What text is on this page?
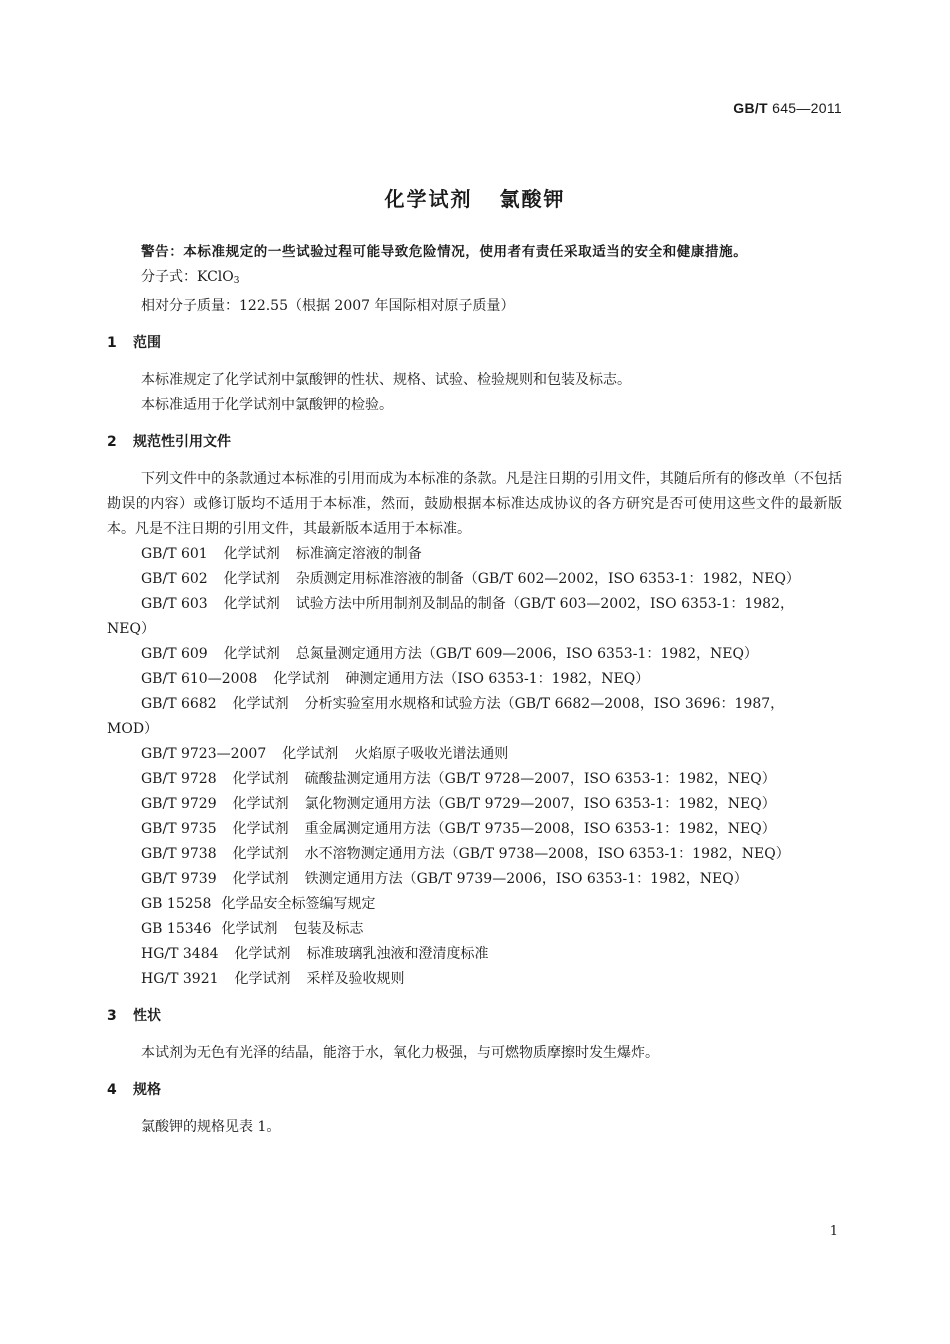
GB/T 645—2011
化学试剂 氯酸钾
警告：本标准规定的一些试验过程可能导致危险情况，使用者有责任采取适当的安全和健康措施。
分子式：KClO$_3$
相对分子质量：122.55（根据 2007 年国际相对原子质量）
1 范围
本标准规定了化学试剂中氯酸钾的性状、规格、试验、检验规则和包装及标志。
本标准适用于化学试剂中氯酸钾的检验。
2 规范性引用文件
下列文件中的条款通过本标准的引用而成为本标准的条款。凡是注日期的引用文件，其随后所有的修改单（不包括勘误的内容）或修订版均不适用于本标准，然而，鼓励根据本标准达成协议的各方研究是否可使用这些文件的最新版本。凡是不注日期的引用文件，其最新版本适用于本标准。
GB/T 601 化学试剂 标准滴定溶液的制备
GB/T 602 化学试剂 杂质测定用标准溶液的制备（GB/T 602—2002，ISO 6353-1：1982，NEQ）
GB/T 603 化学试剂 试验方法中所用制剂及制品的制备（GB/T 603—2002，ISO 6353-1：1982，
NEQ）
GB/T 609 化学试剂 总氮量测定通用方法（GB/T 609—2006，ISO 6353-1：1982，NEQ）
GB/T 610—2008 化学试剂 砷测定通用方法（ISO 6353-1：1982，NEQ）
GB/T 6682 化学试剂 分析实验室用水规格和试验方法（GB/T 6682—2008，ISO 3696：1987，
MOD）
GB/T 9723—2007 化学试剂 火焰原子吸收光谱法通则
GB/T 9728 化学试剂 硫酸盐测定通用方法（GB/T 9728—2007，ISO 6353-1：1982，NEQ）
GB/T 9729 化学试剂 氯化物测定通用方法（GB/T 9729—2007，ISO 6353-1：1982，NEQ）
GB/T 9735 化学试剂 重金属测定通用方法（GB/T 9735—2008，ISO 6353-1：1982，NEQ）
GB/T 9738 化学试剂 水不溶物测定通用方法（GB/T 9738—2008，ISO 6353-1：1982，NEQ）
GB/T 9739 化学试剂 铁测定通用方法（GB/T 9739—2006，ISO 6353-1：1982，NEQ）
GB 15258 化学品安全标签编写规定
GB 15346 化学试剂 包装及标志
HG/T 3484 化学试剂 标准玻璃乳浊液和澄清度标准
HG/T 3921 化学试剂 采样及验收规则
3 性状
本试剂为无色有光泽的结晶，能溶于水，氧化力极强，与可燃物质摩擦时发生爆炸。
4 规格
氯酸钾的规格见表 1。
1
